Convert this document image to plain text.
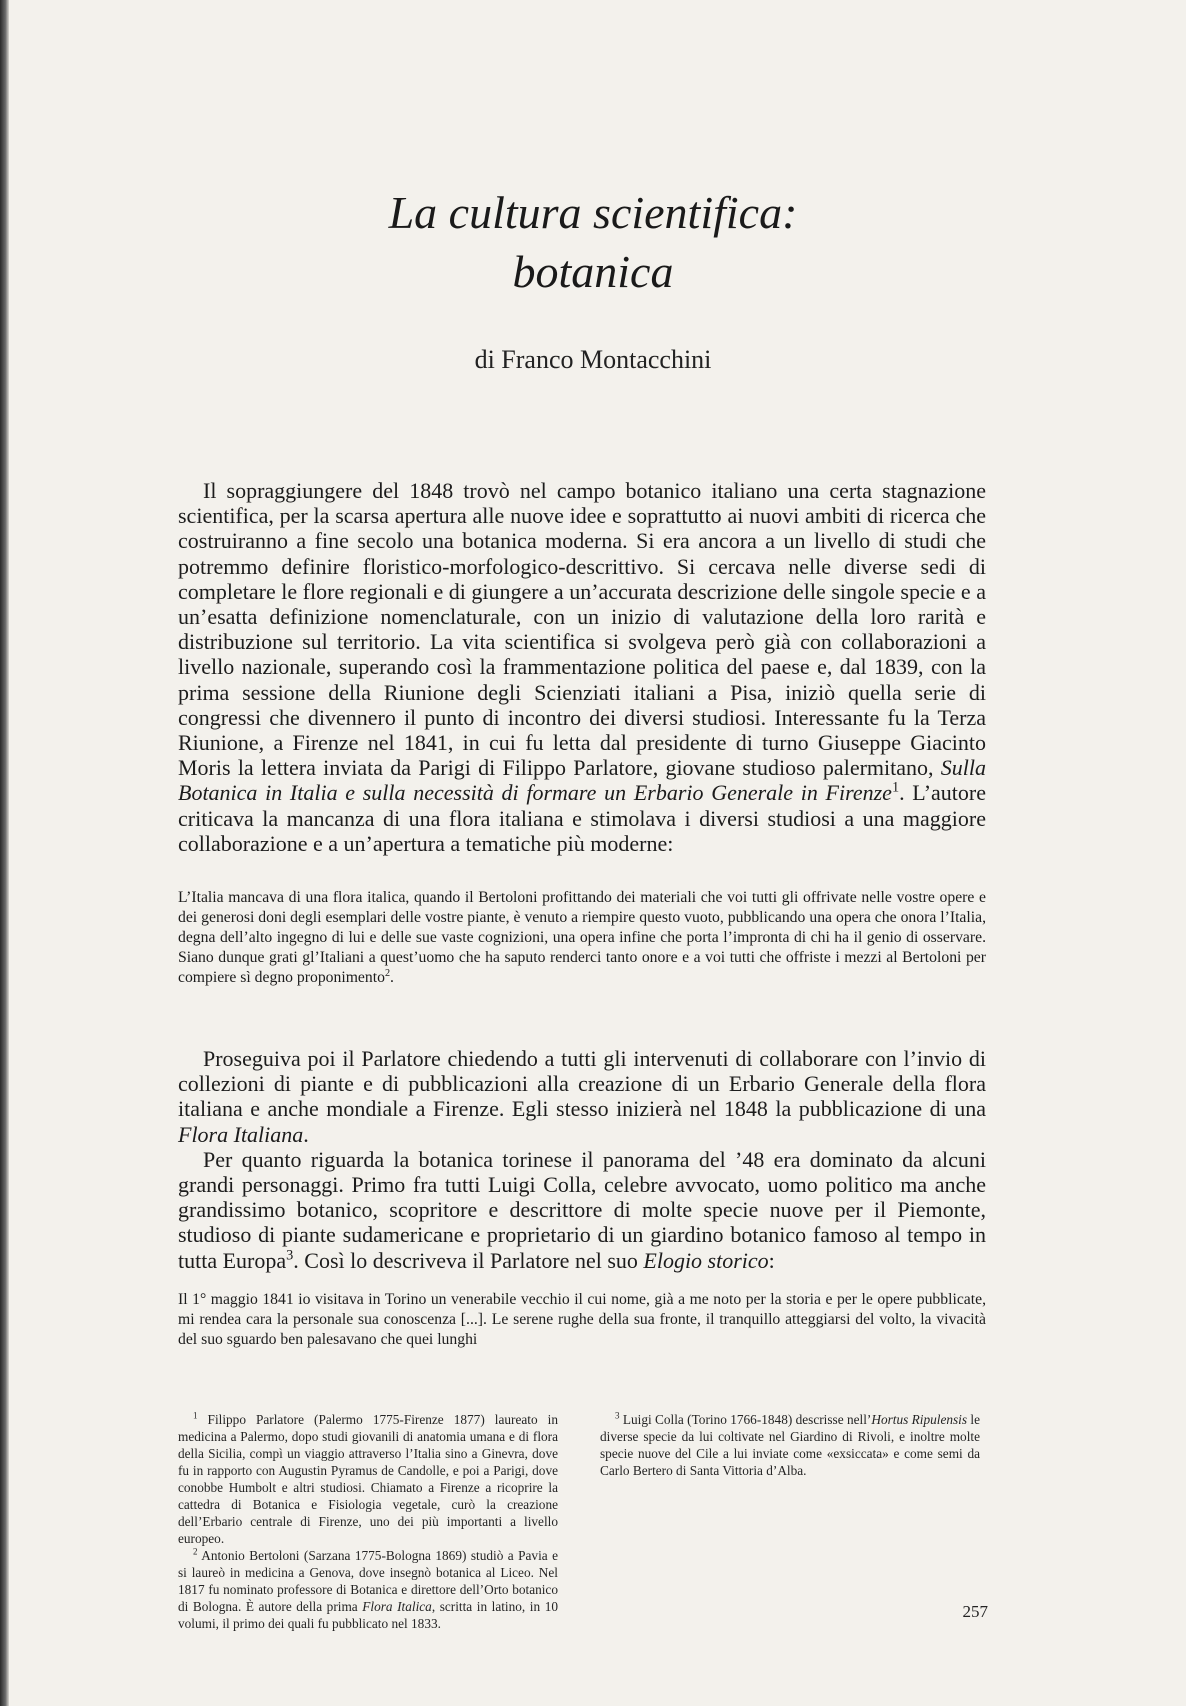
La cultura scientifica:
botanica
di Franco Montacchini

Il sopraggiungere del 1848 trovò nel campo botanico italiano una certa stagnazione scientifica, per la scarsa apertura alle nuove idee e soprattutto ai nuovi ambiti di ricerca che costruiranno a fine secolo una botanica moderna. Si era ancora a un livello di studi che potremmo definire floristico-morfologico-descrittivo. Si cercava nelle diverse sedi di completare le flore regionali e di giungere a un’accurata descrizione delle singole specie e a un’esatta definizione nomenclaturale, con un inizio di valutazione della loro rarità e distribuzione sul territorio. La vita scientifica si svolgeva però già con collaborazioni a livello nazionale, superando così la frammentazione politica del paese e, dal 1839, con la prima sessione della Riunione degli Scienziati italiani a Pisa, iniziò quella serie di congressi che divennero il punto di incontro dei diversi studiosi. Interessante fu la Terza Riunione, a Firenze nel 1841, in cui fu letta dal presidente di turno Giuseppe Giacinto Moris la lettera inviata da Parigi di Filippo Parlatore, giovane studioso palermitano, Sulla Botanica in Italia e sulla necessità di formare un Erbario Generale in Firenze$^1$. L’autore criticava la mancanza di una flora italiana e stimolava i diversi studiosi a una maggiore collaborazione e a un’apertura a tematiche più moderne:

L’Italia mancava di una flora italica, quando il Bertoloni profittando dei materiali che voi tutti gli offrivate nelle vostre opere e dei generosi doni degli esemplari delle vostre piante, è venuto a riempire questo vuoto, pubblicando una opera che onora l’Italia, degna dell’alto ingegno di lui e delle sue vaste cognizioni, una opera infine che porta l’impronta di chi ha il genio di osservare. Siano dunque grati gl’Italiani a quest’uomo che ha saputo renderci tanto onore e a voi tutti che offriste i mezzi al Bertoloni per compiere sì degno proponimento$^2$.

Proseguiva poi il Parlatore chiedendo a tutti gli intervenuti di collaborare con l’invio di collezioni di piante e di pubblicazioni alla creazione di un Erbario Generale della flora italiana e anche mondiale a Firenze. Egli stesso inizierà nel 1848 la pubblicazione di una Flora Italiana.

Per quanto riguarda la botanica torinese il panorama del ’48 era dominato da alcuni grandi personaggi. Primo fra tutti Luigi Colla, celebre avvocato, uomo politico ma anche grandissimo botanico, scopritore e descrittore di molte specie nuove per il Piemonte, studioso di piante sudamericane e proprietario di un giardino botanico famoso al tempo in tutta Europa$^3$. Così lo descriveva il Parlatore nel suo Elogio storico:

Il 1° maggio 1841 io visitava in Torino un venerabile vecchio il cui nome, già a me noto per la storia e per le opere pubblicate, mi rendea cara la personale sua conoscenza [...]. Le serene rughe della sua fronte, il tranquillo atteggiarsi del volto, la vivacità del suo sguardo ben palesavano che quei lunghi

$^1$ Filippo Parlatore (Palermo 1775-Firenze 1877) laureato in medicina a Palermo, dopo studi giovanili di anatomia umana e di flora della Sicilia, compì un viaggio attraverso l’Italia sino a Ginevra, dove fu in rapporto con Augustin Pyramus de Candolle, e poi a Parigi, dove conobbe Humbolt e altri studiosi. Chiamato a Firenze a ricoprire la cattedra di Botanica e Fisiologia vegetale, curò la creazione dell’Erbario centrale di Firenze, uno dei più importanti a livello europeo.

$^2$ Antonio Bertoloni (Sarzana 1775-Bologna 1869) studiò a Pavia e si laureò in medicina a Genova, dove insegnò botanica al Liceo. Nel 1817 fu nominato professore di Botanica e direttore dell’Orto botanico di Bologna. È autore della prima Flora Italica, scritta in latino, in 10 volumi, il primo dei quali fu pubblicato nel 1833.

$^3$ Luigi Colla (Torino 1766-1848) descrisse nell’Hortus Ripulensis le diverse specie da lui coltivate nel Giardino di Rivoli, e inoltre molte specie nuove del Cile a lui inviate come «exsiccata» e come semi da Carlo Bertero di Santa Vittoria d’Alba.

257
